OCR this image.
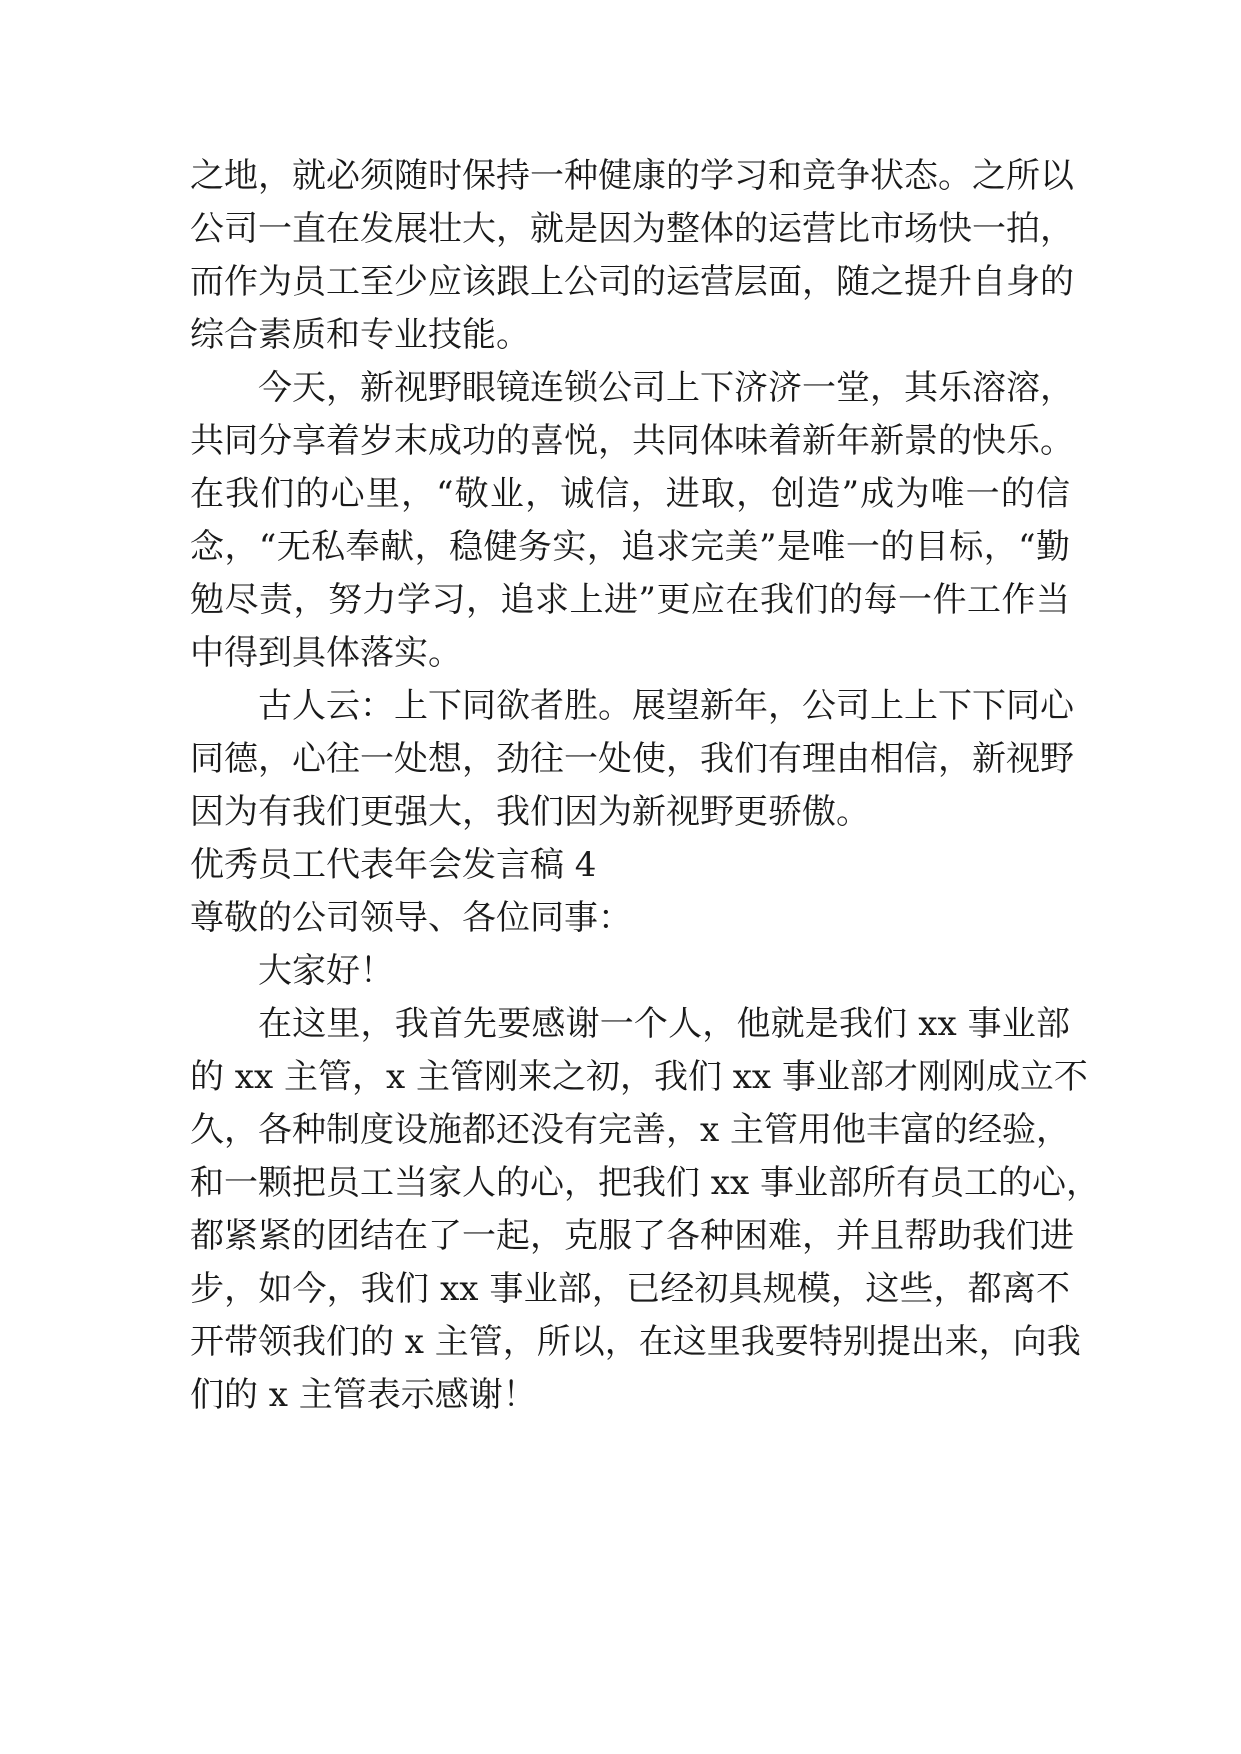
之地，就必须随时保持一种健康的学习和竞争状态。之所以
公司一直在发展壮大，就是因为整体的运营比市场快一拍，
而作为员工至少应该跟上公司的运营层面，随之提升自身的
综合素质和专业技能。
今天，新视野眼镜连锁公司上下济济一堂，其乐溶溶，
共同分享着岁末成功的喜悦，共同体味着新年新景的快乐。
在我们的心里，“敬业，诚信，进取，创造”成为唯一的信
念，“无私奉献，稳健务实，追求完美”是唯一的目标，“勤
勉尽责，努力学习，追求上进”更应在我们的每一件工作当
中得到具体落实。
古人云：上下同欲者胜。展望新年，公司上上下下同心
同德，心往一处想，劲往一处使，我们有理由相信，新视野
因为有我们更强大，我们因为新视野更骄傲。
优秀员工代表年会发言稿 4
尊敬的公司领导、各位同事：
大家好！
在这里，我首先要感谢一个人，他就是我们 xx 事业部
的 xx 主管，x 主管刚来之初，我们 xx 事业部才刚刚成立不
久，各种制度设施都还没有完善，x 主管用他丰富的经验，
和一颗把员工当家人的心，把我们 xx 事业部所有员工的心，
都紧紧的团结在了一起，克服了各种困难，并且帮助我们进
步，如今，我们 xx 事业部，已经初具规模，这些，都离不
开带领我们的 x 主管，所以，在这里我要特别提出来，向我
们的 x 主管表示感谢！
